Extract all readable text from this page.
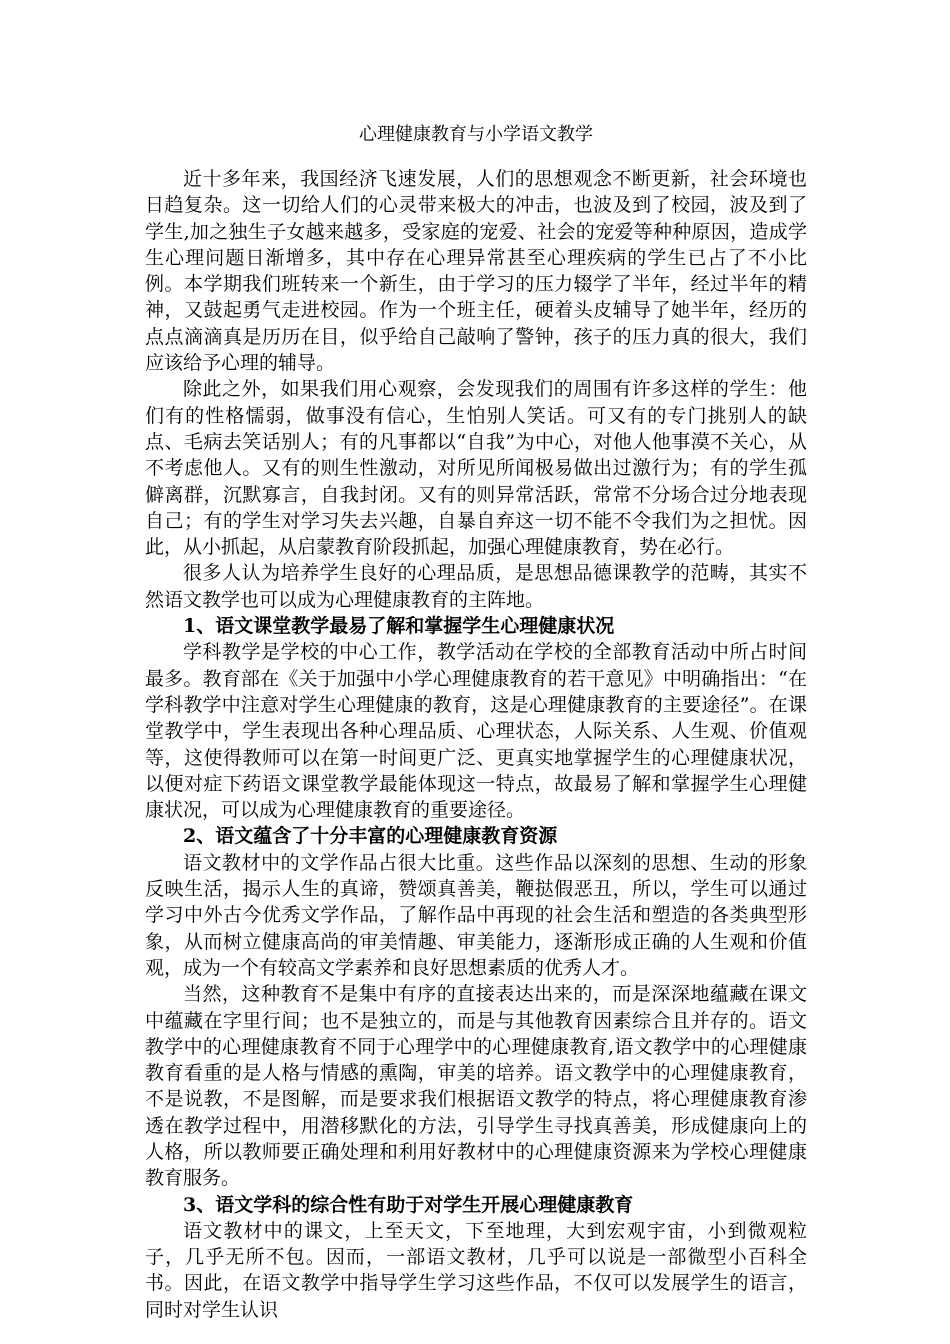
心理健康教育与小学语文教学

近十多年来，我国经济飞速发展，人们的思想观念不断更新，社会环境也日趋复杂。这一切给人们的心灵带来极大的冲击，也波及到了校园，波及到了学生,加之独生子女越来越多，受家庭的宠爱、社会的宠爱等种种原因，造成学生心理问题日渐增多，其中存在心理异常甚至心理疾病的学生已占了不小比例。本学期我们班转来一个新生，由于学习的压力辍学了半年，经过半年的精神，又鼓起勇气走进校园。作为一个班主任，硬着头皮辅导了她半年，经历的点点滴滴真是历历在目，似乎给自己敲响了警钟，孩子的压力真的很大，我们应该给予心理的辅导。

除此之外，如果我们用心观察，会发现我们的周围有许多这样的学生：他们有的性格懦弱，做事没有信心，生怕别人笑话。可又有的专门挑别人的缺点、毛病去笑话别人；有的凡事都以“自我”为中心，对他人他事漠不关心，从不考虑他人。又有的则生性激动，对所见所闻极易做出过激行为；有的学生孤僻离群，沉默寡言，自我封闭。又有的则异常活跃，常常不分场合过分地表现自己；有的学生对学习失去兴趣，自暴自弃这一切不能不令我们为之担忧。因此，从小抓起，从启蒙教育阶段抓起，加强心理健康教育，势在必行。

很多人认为培养学生良好的心理品质，是思想品德课教学的范畴，其实不然语文教学也可以成为心理健康教育的主阵地。

1、语文课堂教学最易了解和掌握学生心理健康状况

学科教学是学校的中心工作，教学活动在学校的全部教育活动中所占时间最多。教育部在《关于加强中小学心理健康教育的若干意见》中明确指出：“在学科教学中注意对学生心理健康的教育，这是心理健康教育的主要途径”。在课堂教学中，学生表现出各种心理品质、心理状态，人际关系、人生观、价值观等，这使得教师可以在第一时间更广泛、更真实地掌握学生的心理健康状况，以便对症下药语文课堂教学最能体现这一特点，故最易了解和掌握学生心理健康状况，可以成为心理健康教育的重要途径。

2、语文蕴含了十分丰富的心理健康教育资源

语文教材中的文学作品占很大比重。这些作品以深刻的思想、生动的形象反映生活，揭示人生的真谛，赞颂真善美，鞭挞假恶丑，所以，学生可以通过学习中外古今优秀文学作品，了解作品中再现的社会生活和塑造的各类典型形象，从而树立健康高尚的审美情趣、审美能力，逐渐形成正确的人生观和价值观，成为一个有较高文学素养和良好思想素质的优秀人才。

当然，这种教育不是集中有序的直接表达出来的，而是深深地蕴藏在课文中蕴藏在字里行间；也不是独立的，而是与其他教育因素综合且并存的。语文教学中的心理健康教育不同于心理学中的心理健康教育,语文教学中的心理健康教育看重的是人格与情感的熏陶，审美的培养。语文教学中的心理健康教育，不是说教，不是图解，而是要求我们根据语文教学的特点，将心理健康教育渗透在教学过程中，用潜移默化的方法，引导学生寻找真善美，形成健康向上的人格，所以教师要正确处理和利用好教材中的心理健康资源来为学校心理健康教育服务。

3、语文学科的综合性有助于对学生开展心理健康教育

语文教材中的课文，上至天文，下至地理，大到宏观宇宙，小到微观粒子，几乎无所不包。因而，一部语文教材，几乎可以说是一部微型小百科全书。因此，在语文教学中指导学生学习这些作品，不仅可以发展学生的语言，同时对学生认识
